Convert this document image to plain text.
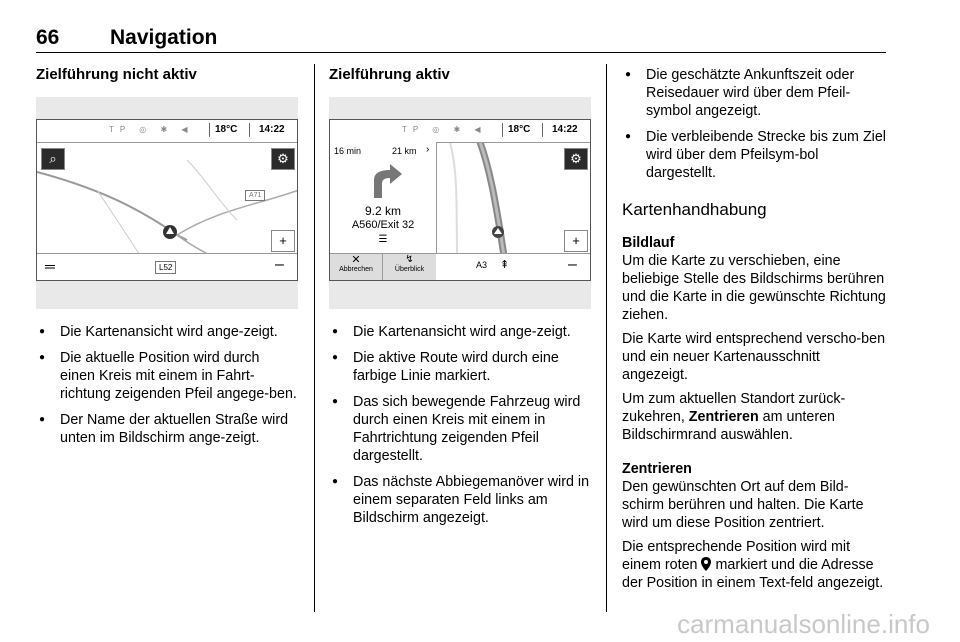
66 Navigation
Zielführung nicht aktiv
TP ◎ ✱ ◀ 18°C 14:22
⌕	⚙
+
═	L52	–
A71
● Die Kartenansicht wird ange-zeigt.
● Die aktuelle Position wird durch einen Kreis mit einem in Fahrt-richtung zeigenden Pfeil angege-ben.
● Der Name der aktuellen Straße wird unten im Bildschirm ange-zeigt.
Zielführung aktiv
TP ◎ ✱ ◀ 18°C 14:22
16 min	21 km ›
9.2 km
A560/Exit 32
☰
⚙
+
✕
Abbrechen
↯
Überblick	A3 ⇞	–
● Die Kartenansicht wird ange-zeigt.
● Die aktive Route wird durch eine farbige Linie markiert.
● Das sich bewegende Fahrzeug wird durch einen Kreis mit einem in Fahrtrichtung zeigenden Pfeil dargestellt.
● Das nächste Abbiegemanöver wird in einem separaten Feld links am Bildschirm angezeigt.
● Die geschätzte Ankunftszeit oder Reisedauer wird über dem Pfeil-symbol angezeigt.
● Die verbleibende Strecke bis zum Ziel wird über dem Pfeilsym-bol dargestellt.
Kartenhandhabung
Bildlauf

Um die Karte zu verschieben, eine beliebige Stelle des Bildschirms berühren und die Karte in die gewünschte Richtung ziehen.

Die Karte wird entsprechend verscho-ben und ein neuer Kartenausschnitt angezeigt.

Um zum aktuellen Standort zurück-zukehren, Zentrieren am unteren Bildschirmrand auswählen.

Zentrieren

Den gewünschten Ort auf dem Bild-schirm berühren und halten. Die Karte wird um diese Position zentriert.

Die entsprechende Position wird mit einem roten  markiert und die Adresse der Position in einem Text-feld angezeigt.

carmanualsonline.info
